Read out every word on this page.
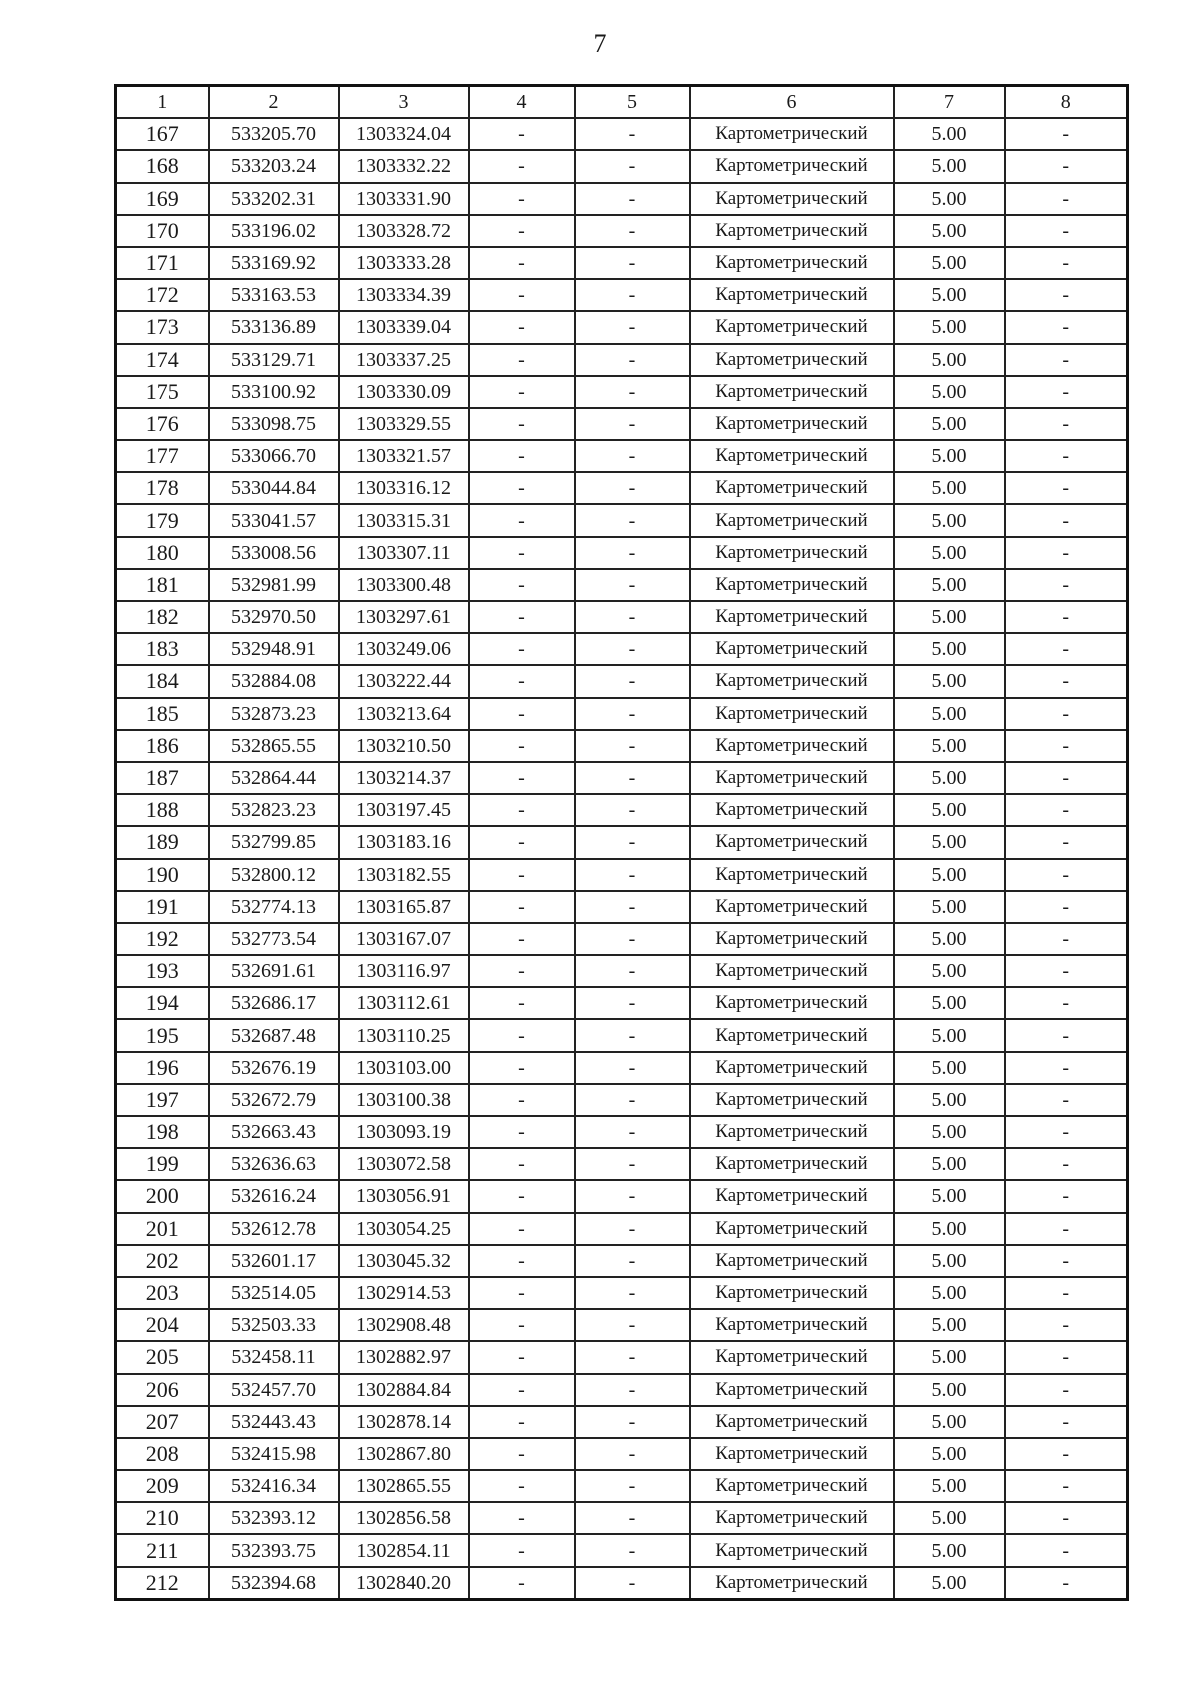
7
1	2	3	4	5	6	7	8
167	533205.70	1303324.04	-	-	Картометрический	5.00	-
168	533203.24	1303332.22	-	-	Картометрический	5.00	-
169	533202.31	1303331.90	-	-	Картометрический	5.00	-
170	533196.02	1303328.72	-	-	Картометрический	5.00	-
171	533169.92	1303333.28	-	-	Картометрический	5.00	-
172	533163.53	1303334.39	-	-	Картометрический	5.00	-
173	533136.89	1303339.04	-	-	Картометрический	5.00	-
174	533129.71	1303337.25	-	-	Картометрический	5.00	-
175	533100.92	1303330.09	-	-	Картометрический	5.00	-
176	533098.75	1303329.55	-	-	Картометрический	5.00	-
177	533066.70	1303321.57	-	-	Картометрический	5.00	-
178	533044.84	1303316.12	-	-	Картометрический	5.00	-
179	533041.57	1303315.31	-	-	Картометрический	5.00	-
180	533008.56	1303307.11	-	-	Картометрический	5.00	-
181	532981.99	1303300.48	-	-	Картометрический	5.00	-
182	532970.50	1303297.61	-	-	Картометрический	5.00	-
183	532948.91	1303249.06	-	-	Картометрический	5.00	-
184	532884.08	1303222.44	-	-	Картометрический	5.00	-
185	532873.23	1303213.64	-	-	Картометрический	5.00	-
186	532865.55	1303210.50	-	-	Картометрический	5.00	-
187	532864.44	1303214.37	-	-	Картометрический	5.00	-
188	532823.23	1303197.45	-	-	Картометрический	5.00	-
189	532799.85	1303183.16	-	-	Картометрический	5.00	-
190	532800.12	1303182.55	-	-	Картометрический	5.00	-
191	532774.13	1303165.87	-	-	Картометрический	5.00	-
192	532773.54	1303167.07	-	-	Картометрический	5.00	-
193	532691.61	1303116.97	-	-	Картометрический	5.00	-
194	532686.17	1303112.61	-	-	Картометрический	5.00	-
195	532687.48	1303110.25	-	-	Картометрический	5.00	-
196	532676.19	1303103.00	-	-	Картометрический	5.00	-
197	532672.79	1303100.38	-	-	Картометрический	5.00	-
198	532663.43	1303093.19	-	-	Картометрический	5.00	-
199	532636.63	1303072.58	-	-	Картометрический	5.00	-
200	532616.24	1303056.91	-	-	Картометрический	5.00	-
201	532612.78	1303054.25	-	-	Картометрический	5.00	-
202	532601.17	1303045.32	-	-	Картометрический	5.00	-
203	532514.05	1302914.53	-	-	Картометрический	5.00	-
204	532503.33	1302908.48	-	-	Картометрический	5.00	-
205	532458.11	1302882.97	-	-	Картометрический	5.00	-
206	532457.70	1302884.84	-	-	Картометрический	5.00	-
207	532443.43	1302878.14	-	-	Картометрический	5.00	-
208	532415.98	1302867.80	-	-	Картометрический	5.00	-
209	532416.34	1302865.55	-	-	Картометрический	5.00	-
210	532393.12	1302856.58	-	-	Картометрический	5.00	-
211	532393.75	1302854.11	-	-	Картометрический	5.00	-
212	532394.68	1302840.20	-	-	Картометрический	5.00	-
